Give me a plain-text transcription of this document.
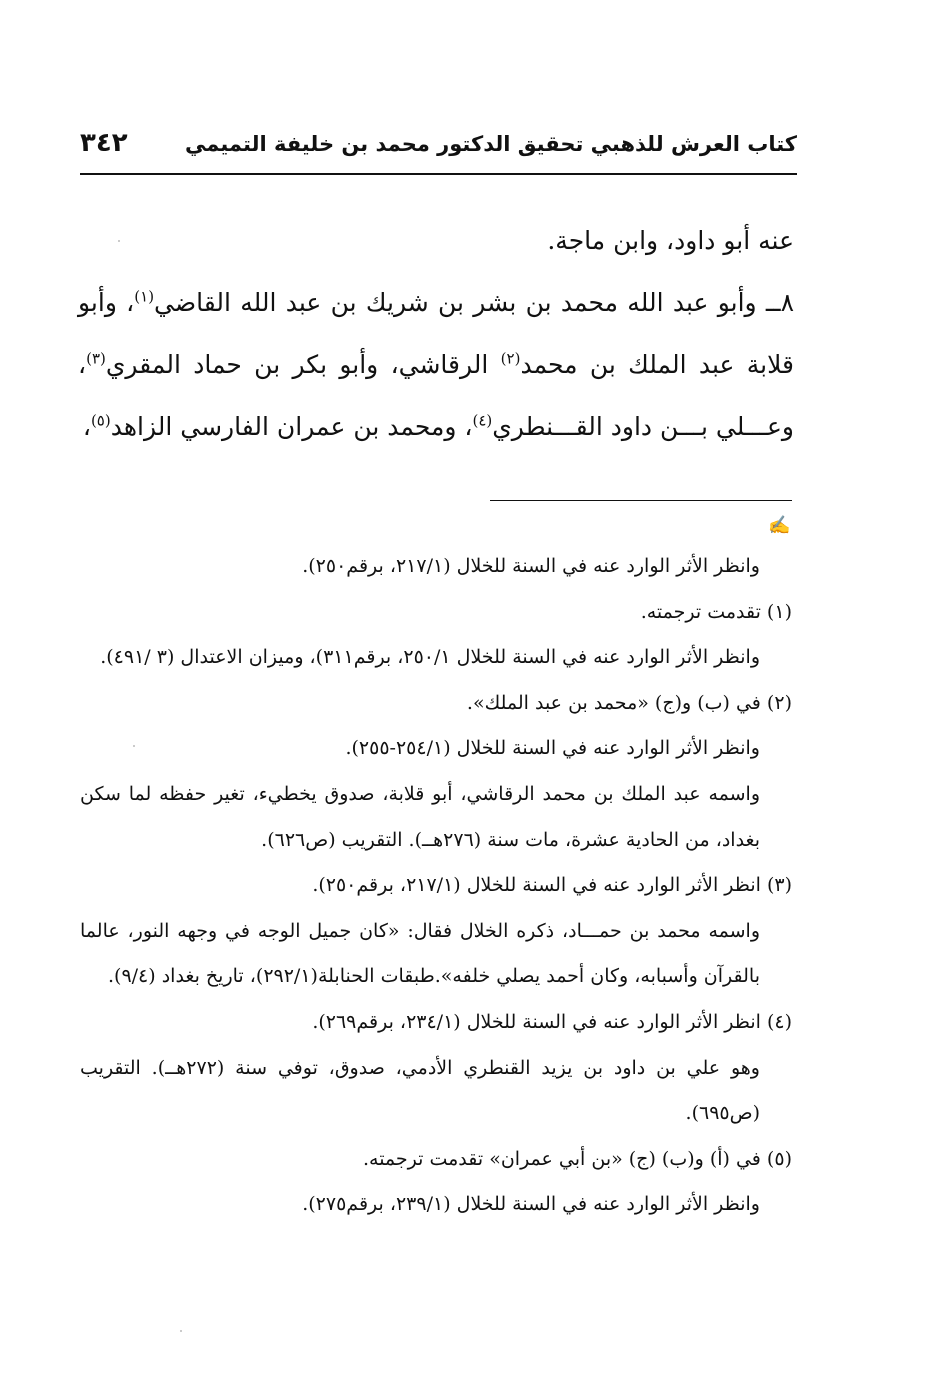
كتاب العرش للذهبي تحقيق الدكتور محمد بن خليفة التميمي
٣٤٢

عنه أبو داود، وابن ماجة.

٨ــ وأبو عبد الله محمد بن بشر بن شريك بن عبد الله القاضي$^{(١)}$، وأبو قلابة عبد الملك بن محمد$^{(٢)}$ الرقاشي، وأبو بكر بن حماد المقري$^{(٣)}$، وعـــلي بـــن داود القـــنطري$^{(٤)}$، ومحمد بن عمران الفارسي الزاهد$^{(٥)}$،

✍

وانظر الأثر الوارد عنه في السنة للخلال (٢١٧/١، برقم٢٥٠).

(١) تقدمت ترجمته.

وانظر الأثر الوارد عنه في السنة للخلال ٢٥٠/١، برقم٣١١)، وميزان الاعتدال (٣ /٤٩١).

(٢) في (ب) و(ج) «محمد بن عبد الملك».

وانظر الأثر الوارد عنه في السنة للخلال (٢٥٤/١-٢٥٥).

واسمه عبد الملك بن محمد الرقاشي، أبو قلابة، صدوق يخطيء، تغير حفظه لما سكن بغداد، من الحادية عشرة، مات سنة (٢٧٦هــ). التقريب (ص٦٢٦).

(٣) انظر الأثر الوارد عنه في السنة للخلال (٢١٧/١، برقم٢٥٠).

واسمه محمد بن حمـــاد، ذكره الخلال فقال: «كان جميل الوجه في وجهه النور، عالما بالقرآن وأسبابه، وكان أحمد يصلي خلفه».طبقات الحنابلة(٢٩٢/١)، تاريخ بغداد (٩/٤).

(٤) انظر الأثر الوارد عنه في السنة للخلال (٢٣٤/١، برقم٢٦٩).

وهو علي بن داود بن يزيد القنطري الأدمي، صدوق، توفي سنة (٢٧٢هــ). التقريب (ص٦٩٥).

(٥) في (أ) و(ب) (ج) «بن أبي عمران» تقدمت ترجمته.

وانظر الأثر الوارد عنه في السنة للخلال (٢٣٩/١، برقم٢٧٥).
